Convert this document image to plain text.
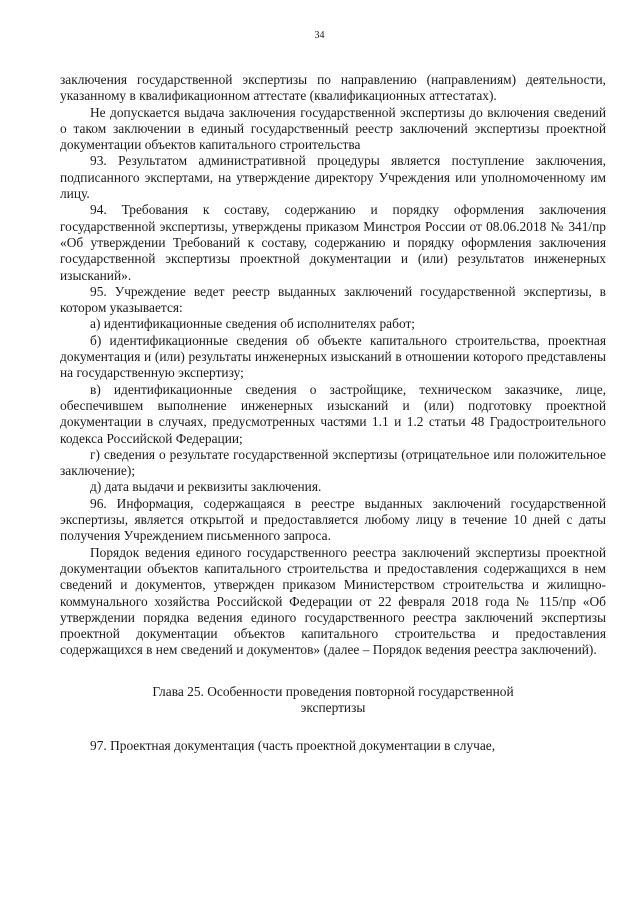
34

заключения государственной экспертизы по направлению (направлениям) деятельности, указанному в квалификационном аттестате (квалификационных аттестатах).

Не допускается выдача заключения государственной экспертизы до включения сведений о таком заключении в единый государственный реестр заключений экспертизы проектной документации объектов капитального строительства

93. Результатом административной процедуры является поступление заключения, подписанного экспертами, на утверждение директору Учреждения или уполномоченному им лицу.

94. Требования к составу, содержанию и порядку оформления заключения государственной экспертизы, утверждены приказом Минстроя России от 08.06.2018 № 341/пр «Об утверждении Требований к составу, содержанию и порядку оформления заключения государственной экспертизы проектной документации и (или) результатов инженерных изысканий».

95. Учреждение ведет реестр выданных заключений государственной экспертизы, в котором указывается:

а) идентификационные сведения об исполнителях работ;

б) идентификационные сведения об объекте капитального строительства, проектная документация и (или) результаты инженерных изысканий в отношении которого представлены на государственную экспертизу;

в) идентификационные сведения о застройщике, техническом заказчике, лице, обеспечившем выполнение инженерных изысканий и (или) подготовку проектной документации в случаях, предусмотренных частями 1.1 и 1.2 статьи 48 Градостроительного кодекса Российской Федерации;

г) сведения о результате государственной экспертизы (отрицательное или положительное заключение);

д) дата выдачи и реквизиты заключения.

96. Информация, содержащаяся в реестре выданных заключений государственной экспертизы, является открытой и предоставляется любому лицу в течение 10 дней с даты получения Учреждением письменного запроса.

Порядок ведения единого государственного реестра заключений экспертизы проектной документации объектов капитального строительства и предоставления содержащихся в нем сведений и документов, утвержден приказом Министерством строительства и жилищно-коммунального хозяйства Российской Федерации от 22 февраля 2018 года № 115/пр «Об утверждении порядка ведения единого государственного реестра заключений экспертизы проектной документации объектов капитального строительства и предоставления содержащихся в нем сведений и документов» (далее – Порядок ведения реестра заключений).

Глава 25. Особенности проведения повторной государственной
экспертизы

97. Проектная документация (часть проектной документации в случае,
